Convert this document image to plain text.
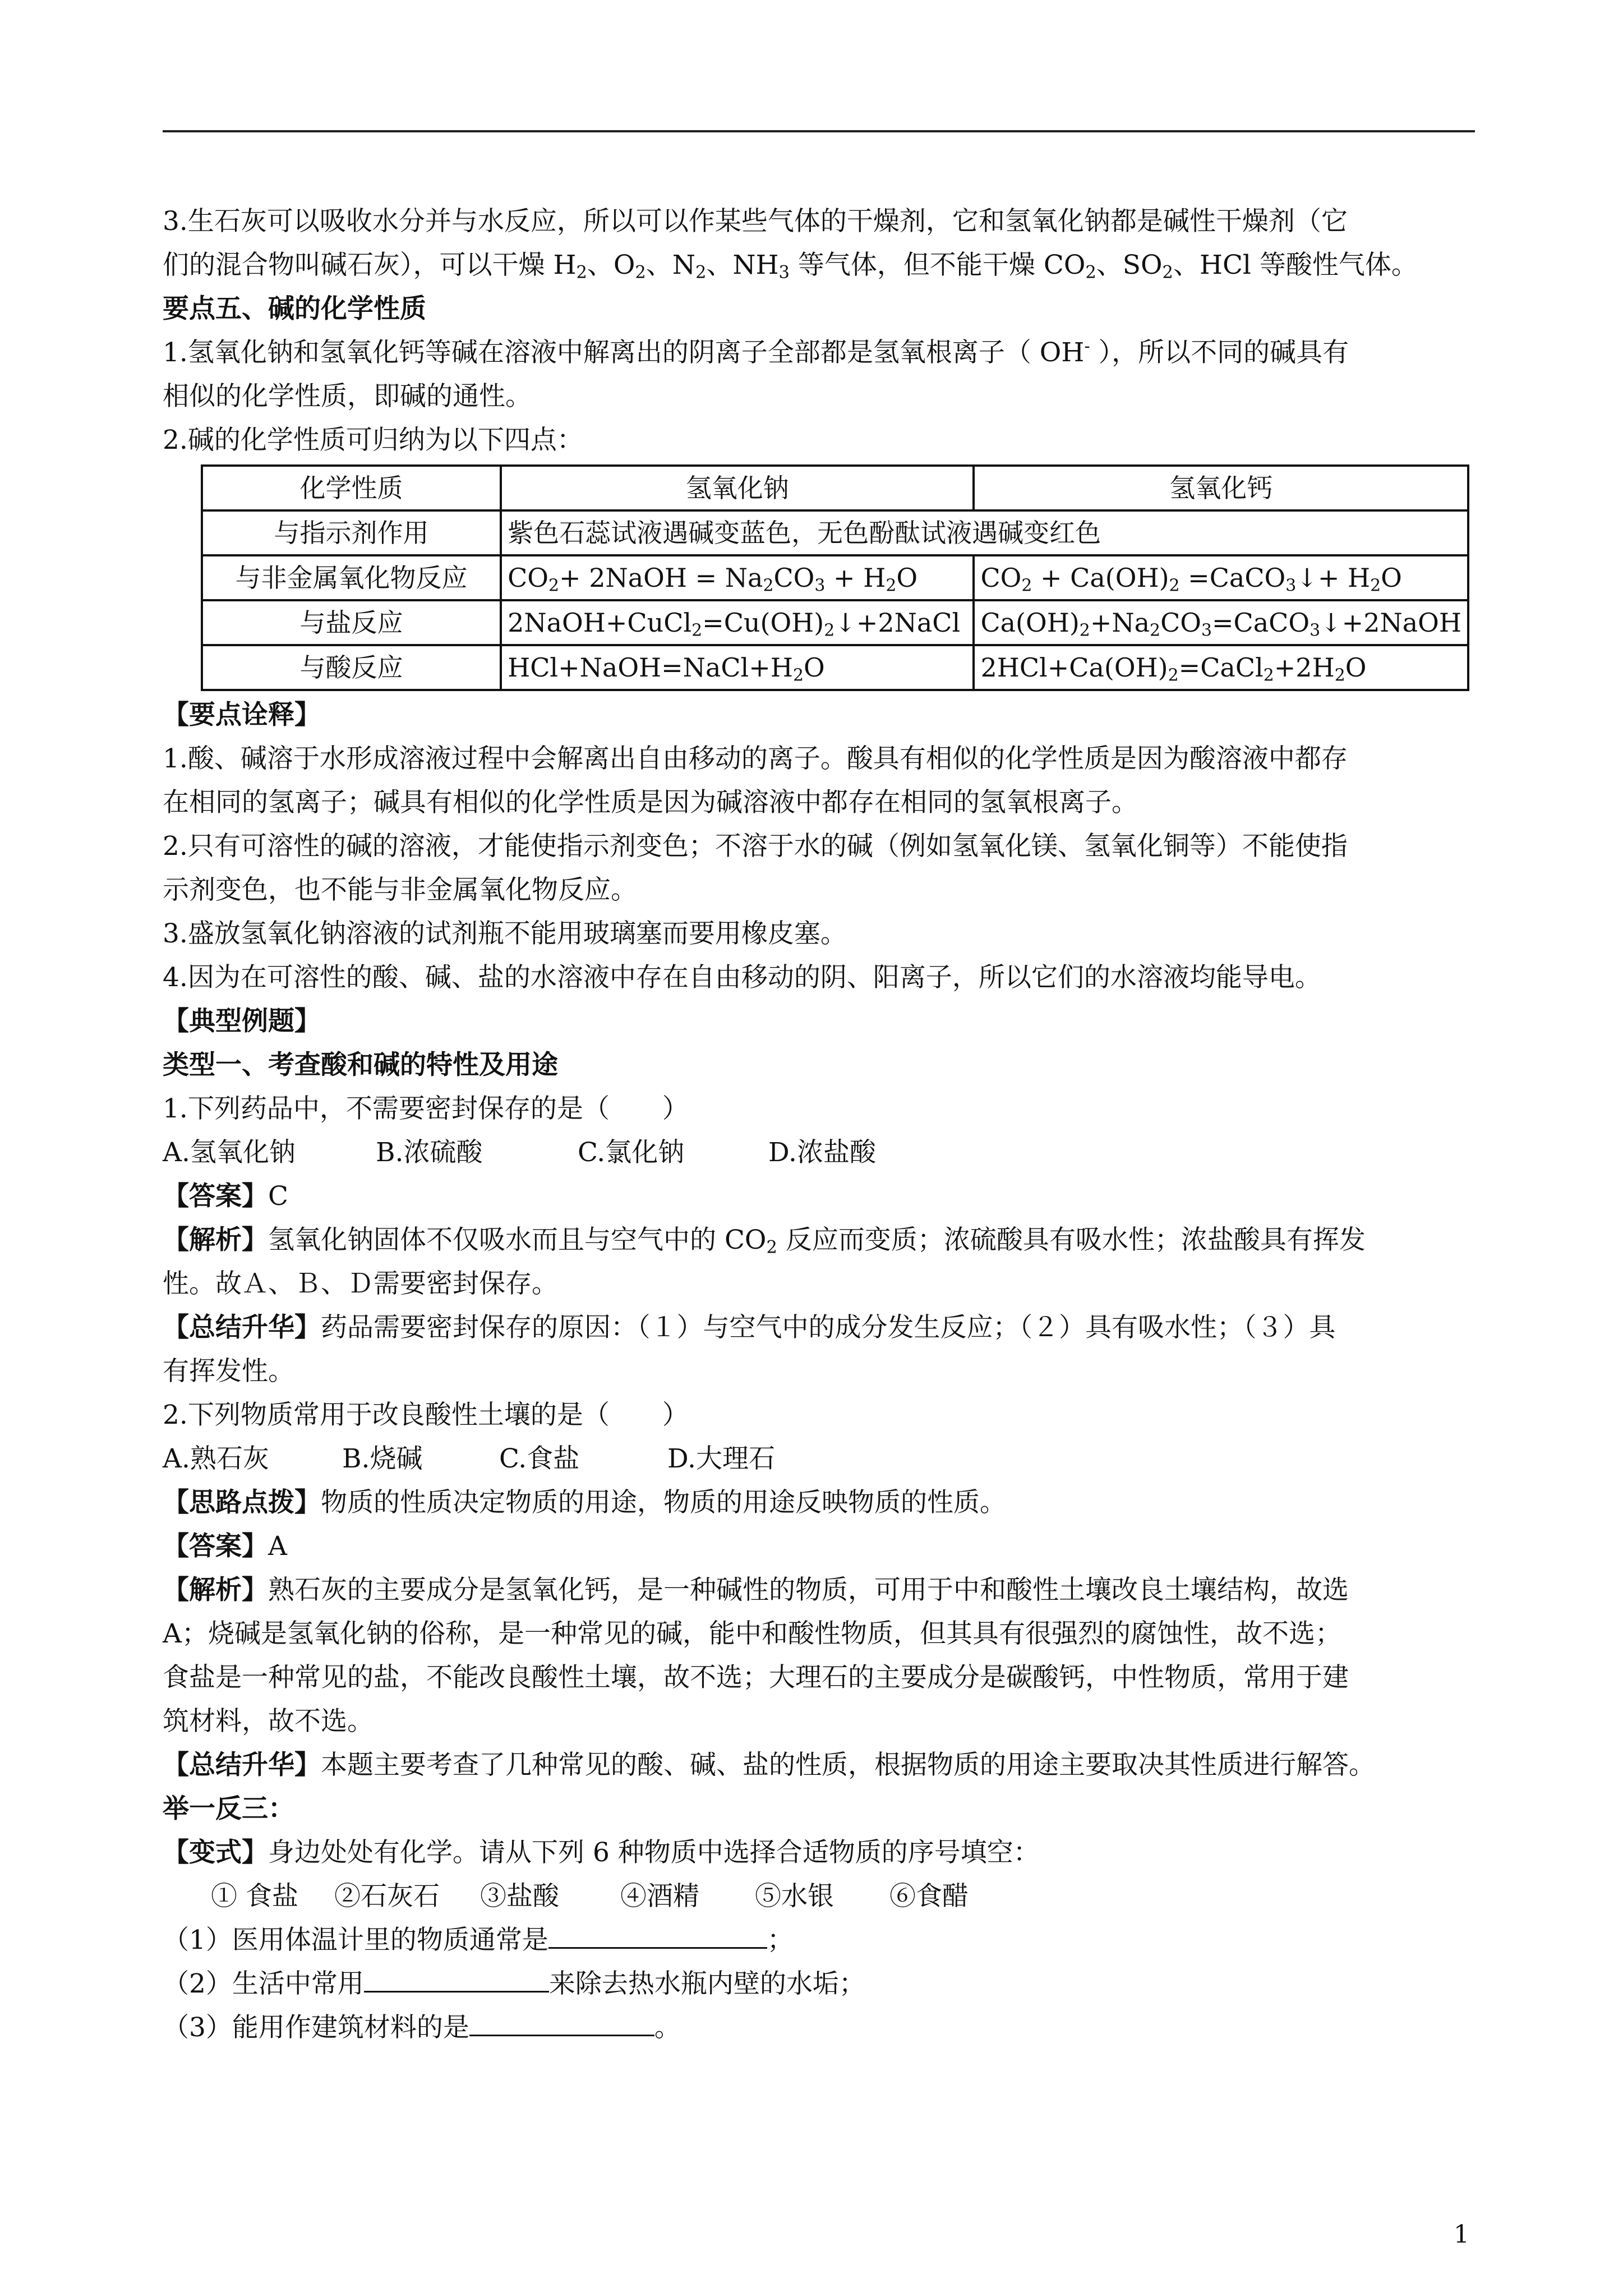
3.生石灰可以吸收水分并与水反应，所以可以作某些气体的干燥剂，它和氢氧化钠都是碱性干燥剂（它
们的混合物叫碱石灰），可以干燥 $H_2$、$O_2$、$N_2$、$NH_3$ 等气体，但不能干燥 $CO_2$、$SO_2$、HCl 等酸性气体。

要点五、碱的化学性质

1.氢氧化钠和氢氧化钙等碱在溶液中解离出的阴离子全部都是氢氧根离子（ OH- ），所以不同的碱具有
相似的化学性质，即碱的通性。

2.碱的化学性质可归纳为以下四点：

化学性质	氢氧化钠	氢氧化钙
与指示剂作用	紫色石蕊试液遇碱变蓝色，无色酚酞试液遇碱变红色	
与非金属氧化物反应	$CO_2+$ 2NaOH = $Na_2CO_3 + H_2O$	$CO_2 + Ca(OH)_2$ =CaCO$_3$↓+ $H_2O$
与盐反应	$2NaOH+CuCl_2=Cu(OH)_2↓+2NaCl$	$Ca(OH)_2+Na_2CO_3=CaCO_3↓+2NaOH$
与酸反应	$HCl+NaOH=NaCl+H_2O$	$2HCl+Ca(OH)_2=CaCl_2+2H_2O$

【要点诠释】

1.酸、碱溶于水形成溶液过程中会解离出自由移动的离子。酸具有相似的化学性质是因为酸溶液中都存
在相同的氢离子；碱具有相似的化学性质是因为碱溶液中都存在相同的氢氧根离子。

2.只有可溶性的碱的溶液，才能使指示剂变色；不溶于水的碱（例如氢氧化镁、氢氧化铜等）不能使指
示剂变色，也不能与非金属氧化物反应。

3.盛放氢氧化钠溶液的试剂瓶不能用玻璃塞而要用橡皮塞。

4.因为在可溶性的酸、碱、盐的水溶液中存在自由移动的阴、阳离子，所以它们的水溶液均能导电。

【典型例题】

类型一、考查酸和碱的特性及用途

1.下列药品中，不需要密封保存的是（　　）

A.氢氧化钠	B.浓硫酸	C.氯化钠	D.浓盐酸

【答案】C

【解析】氢氧化钠固体不仅吸水而且与空气中的 $CO_2$ 反应而变质；浓硫酸具有吸水性；浓盐酸具有挥发
性。故Ａ、Ｂ、Ｄ需要密封保存。

【总结升华】药品需要密封保存的原因：（１）与空气中的成分发生反应；（２）具有吸水性；（３）具
有挥发性。

2.下列物质常用于改良酸性土壤的是（　　）

A.熟石灰	B.烧碱	C.食盐	D.大理石

【思路点拨】物质的性质决定物质的用途，物质的用途反映物质的性质。

【答案】A

【解析】熟石灰的主要成分是氢氧化钙，是一种碱性的物质，可用于中和酸性土壤改良土壤结构，故选
A；烧碱是氢氧化钠的俗称，是一种常见的碱，能中和酸性物质，但其具有很强烈的腐蚀性，故不选；
食盐是一种常见的盐，不能改良酸性土壤，故不选；大理石的主要成分是碳酸钙，中性物质，常用于建
筑材料，故不选。

【总结升华】本题主要考查了几种常见的酸、碱、盐的性质，根据物质的用途主要取决其性质进行解答。

举一反三：

【变式】身边处处有化学。请从下列 6 种物质中选择合适物质的序号填空：

① 食盐 ②石灰石 ③盐酸 ④酒精 ⑤水银 ⑥食醋

（1）医用体温计里的物质通常是	；

（2）生活中常用	来除去热水瓶内壁的水垢；

（3）能用作建筑材料的是	。

1
